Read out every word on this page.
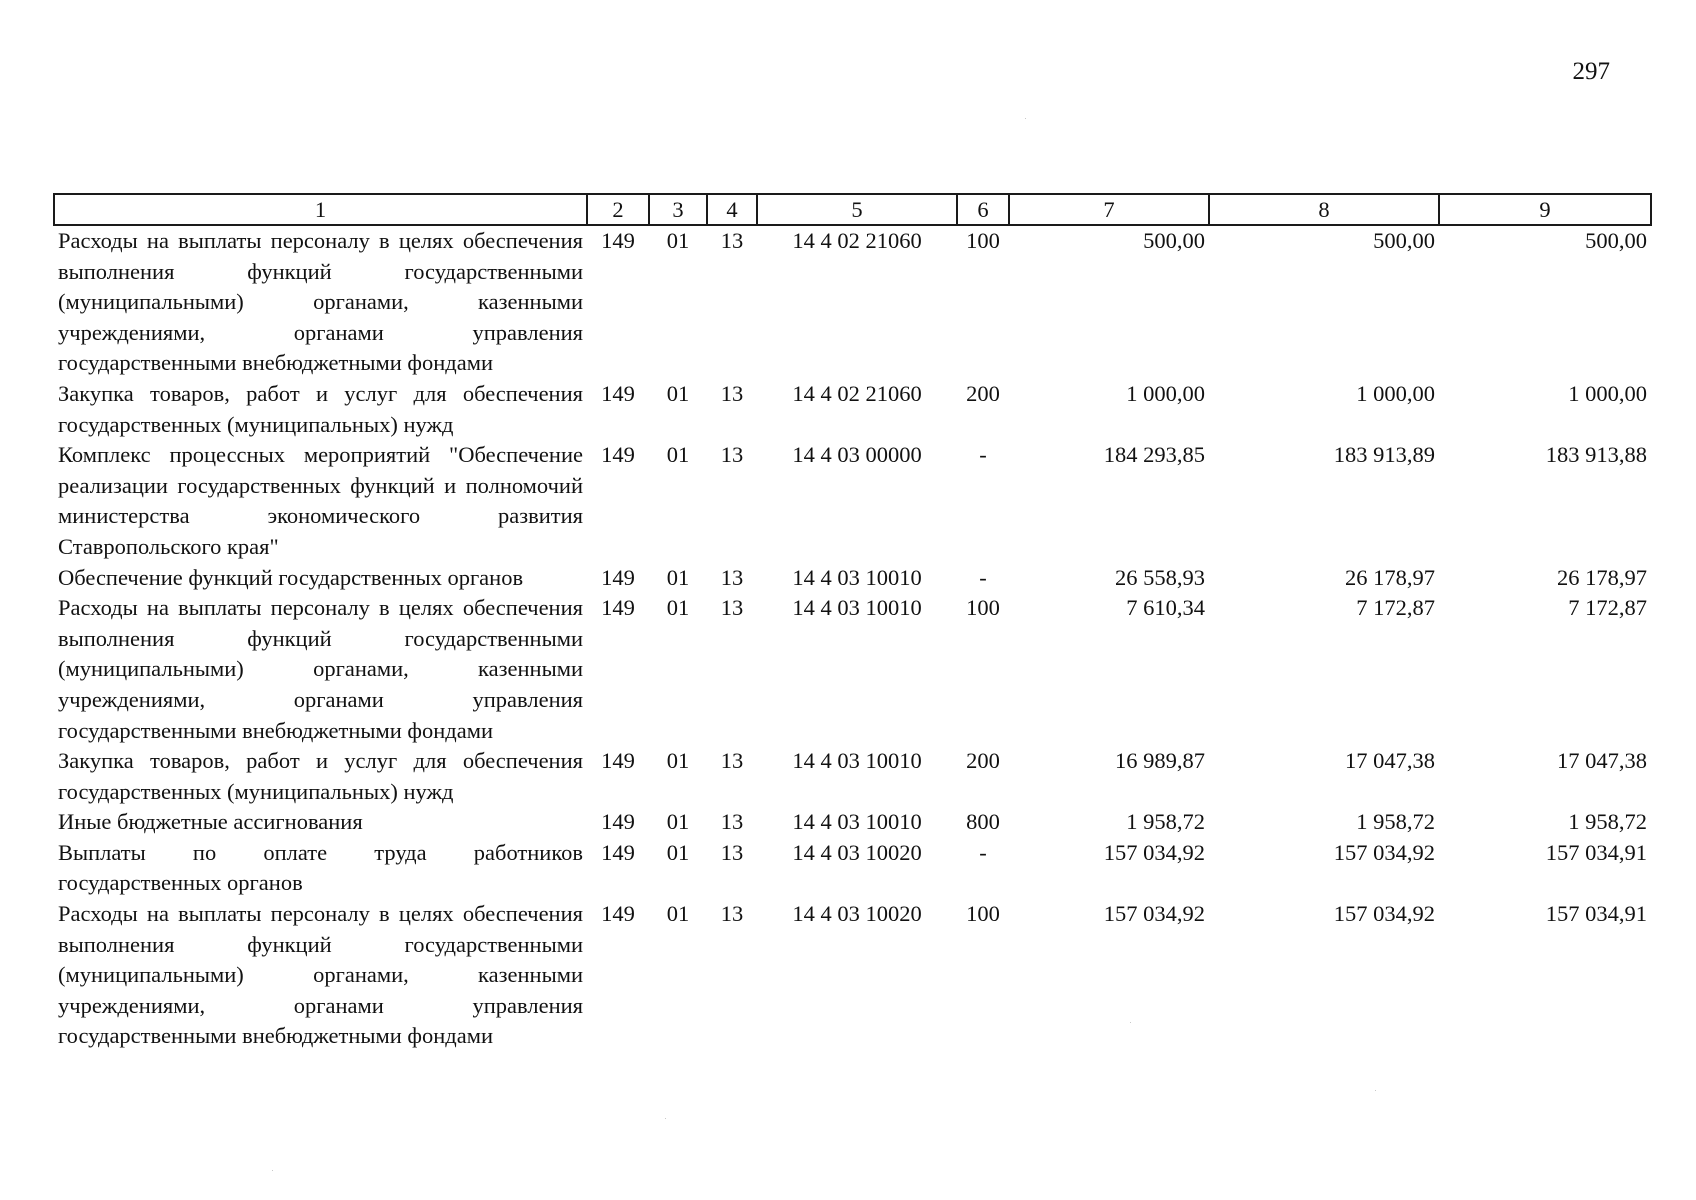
297
1	2	3	4	5	6	7	8	9
Расходы на выплаты персоналу в целях обеспечения выполнения функций государственными (муниципальными) органами, казенными учреждениями, органами управления государственными внебюджетными фондами	149	01	13	14 4 02 21060	100	500,00	500,00	500,00
Закупка товаров, работ и услуг для обеспечения государственных (муниципальных) нужд	149	01	13	14 4 02 21060	200	1 000,00	1 000,00	1 000,00
Комплекс процессных мероприятий "Обеспечение реализации государственных функций и полномочий министерства экономического развития Ставропольского края"	149	01	13	14 4 03 00000	-	184 293,85	183 913,89	183 913,88
Обеспечение функций государственных органов	149	01	13	14 4 03 10010	-	26 558,93	26 178,97	26 178,97
Расходы на выплаты персоналу в целях обеспечения выполнения функций государственными (муниципальными) органами, казенными учреждениями, органами управления государственными внебюджетными фондами	149	01	13	14 4 03 10010	100	7 610,34	7 172,87	7 172,87
Закупка товаров, работ и услуг для обеспечения государственных (муниципальных) нужд	149	01	13	14 4 03 10010	200	16 989,87	17 047,38	17 047,38
Иные бюджетные ассигнования	149	01	13	14 4 03 10010	800	1 958,72	1 958,72	1 958,72
Выплаты по оплате труда работников государственных органов	149	01	13	14 4 03 10020	-	157 034,92	157 034,92	157 034,91
Расходы на выплаты персоналу в целях обеспечения выполнения функций государственными (муниципальными) органами, казенными учреждениями, органами управления государственными внебюджетными фондами	149	01	13	14 4 03 10020	100	157 034,92	157 034,92	157 034,91
